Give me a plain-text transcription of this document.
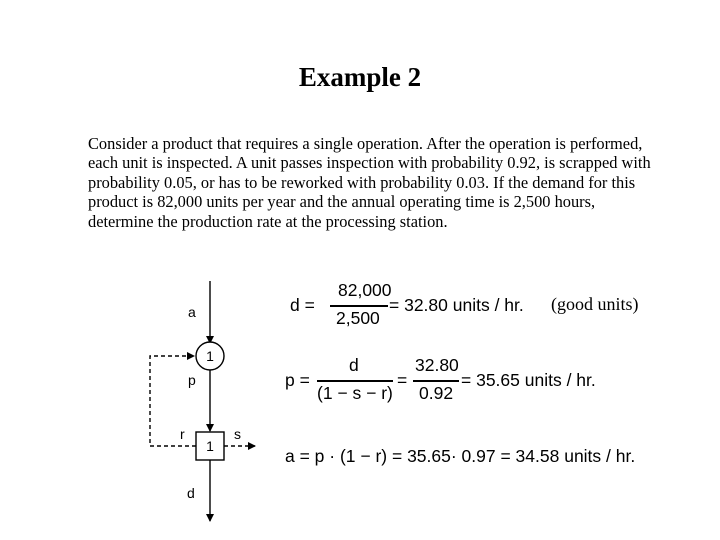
Example 2

Consider a product that requires a single operation. After the operation is performed, each unit is inspected. A unit passes inspection with probability 0.92, is scrapped with probability 0.05, or has to be reworked with probability 0.03. If the demand for this product is 82,000 units per year and the annual operating time is 2,500 hours, determine the production rate at the processing station.

1
1
a
p
r	s
d
d =
82,000
2,500
= 32.80 units / hr. (good units)
p =
d
(1 − s − r)
=
32.80
0.92
= 35.65 units / hr.
a = p · (1 − r) = 35.65· 0.97 = 34.58 units / hr.
